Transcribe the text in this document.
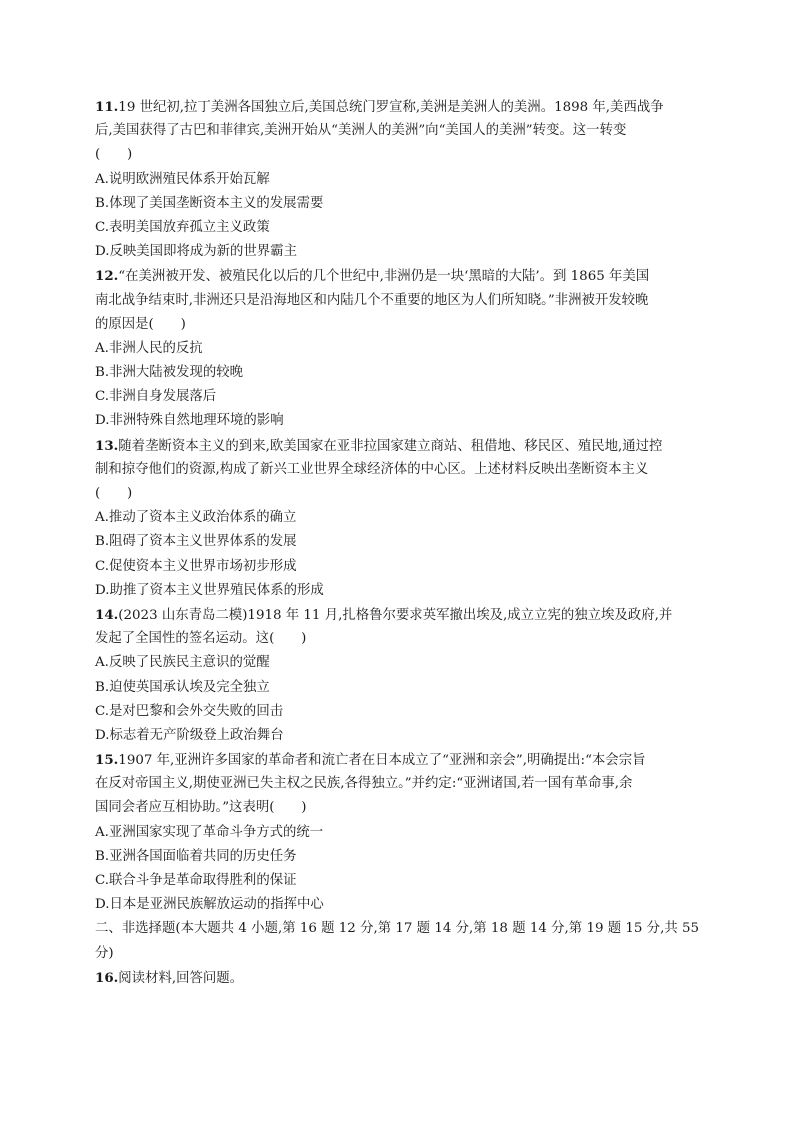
11.19 世纪初,拉丁美洲各国独立后,美国总统门罗宣称,美洲是美洲人的美洲。1898 年,美西战争
后,美国获得了古巴和菲律宾,美洲开始从“美洲人的美洲”向“美国人的美洲”转变。这一转变
(　　)
A.说明欧洲殖民体系开始瓦解
B.体现了美国垄断资本主义的发展需要
C.表明美国放弃孤立主义政策
D.反映美国即将成为新的世界霸主
12.“在美洲被开发、被殖民化以后的几个世纪中,非洲仍是一块‘黑暗的大陆’。到 1865 年美国
南北战争结束时,非洲还只是沿海地区和内陆几个不重要的地区为人们所知晓。”非洲被开发较晚
的原因是(　　)
A.非洲人民的反抗
B.非洲大陆被发现的较晚
C.非洲自身发展落后
D.非洲特殊自然地理环境的影响
13.随着垄断资本主义的到来,欧美国家在亚非拉国家建立商站、租借地、移民区、殖民地,通过控
制和掠夺他们的资源,构成了新兴工业世界全球经济体的中心区。上述材料反映出垄断资本主义
(　　)
A.推动了资本主义政治体系的确立
B.阻碍了资本主义世界体系的发展
C.促使资本主义世界市场初步形成
D.助推了资本主义世界殖民体系的形成
14.(2023 山东青岛二模)1918 年 11 月,扎格鲁尔要求英军撤出埃及,成立立宪的独立埃及政府,并
发起了全国性的签名运动。这(　　)
A.反映了民族民主意识的觉醒
B.迫使英国承认埃及完全独立
C.是对巴黎和会外交失败的回击
D.标志着无产阶级登上政治舞台
15.1907 年,亚洲许多国家的革命者和流亡者在日本成立了“亚洲和亲会”,明确提出:“本会宗旨
在反对帝国主义,期使亚洲已失主权之民族,各得独立。”并约定:“亚洲诸国,若一国有革命事,余
国同会者应互相协助。”这表明(　　)
A.亚洲国家实现了革命斗争方式的统一
B.亚洲各国面临着共同的历史任务
C.联合斗争是革命取得胜利的保证
D.日本是亚洲民族解放运动的指挥中心
二、非选择题(本大题共 4 小题,第 16 题 12 分,第 17 题 14 分,第 18 题 14 分,第 19 题 15 分,共 55
分)
16.阅读材料,回答问题。
